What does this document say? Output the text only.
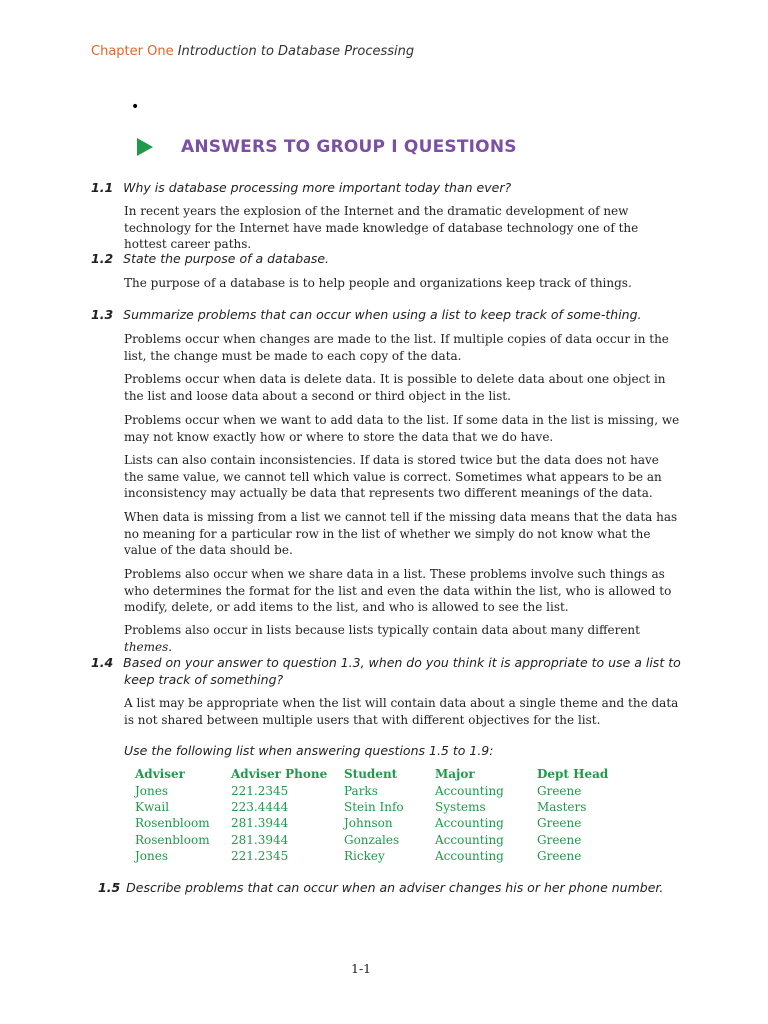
Chapter One Introduction to Database Processing
•
ANSWERS TO GROUP I QUESTIONS
1.1 Why is database processing more important today than ever?
In recent years the explosion of the Internet and the dramatic development of new technology for the Internet have made knowledge of database technology one of the hottest career paths.
1.2 State the purpose of a database.
The purpose of a database is to help people and organizations keep track of things.
1.3 Summarize problems that can occur when using a list to keep track of some-thing.
Problems occur when changes are made to the list. If multiple copies of data occur in the list, the change must be made to each copy of the data.
Problems occur when data is delete data. It is possible to delete data about one object in the list and loose data about a second or third object in the list.
Problems occur when we want to add data to the list. If some data in the list is missing, we may not know exactly how or where to store the data that we do have.
Lists can also contain inconsistencies. If data is stored twice but the data does not have the same value, we cannot tell which value is correct. Sometimes what appears to be an inconsistency may actually be data that represents two different meanings of the data.
When data is missing from a list we cannot tell if the missing data means that the data has no meaning for a particular row in the list of whether we simply do not know what the value of the data should be.
Problems also occur when we share data in a list. These problems involve such things as who determines the format for the list and even the data within the list, who is allowed to modify, delete, or add items to the list, and who is allowed to see the list.
Problems also occur in lists because lists typically contain data about many different themes.
1.4 Based on your answer to question 1.3, when do you think it is appropriate to use a list to
keep track of something?
A list may be appropriate when the list will contain data about a single theme and the data is not shared between multiple users that with different objectives for the list.
Use the following list when answering questions 1.5 to 1.9:
Adviser	Adviser Phone	Student	Major	Dept Head
Jones	221.2345	Parks	Accounting	Greene
Kwail	223.4444	Stein Info	Systems	Masters
Rosenbloom	281.3944	Johnson	Accounting	Greene
Rosenbloom	281.3944	Gonzales	Accounting	Greene
Jones	221.2345	Rickey	Accounting	Greene
1.5 Describe problems that can occur when an adviser changes his or her phone number.
1-1
